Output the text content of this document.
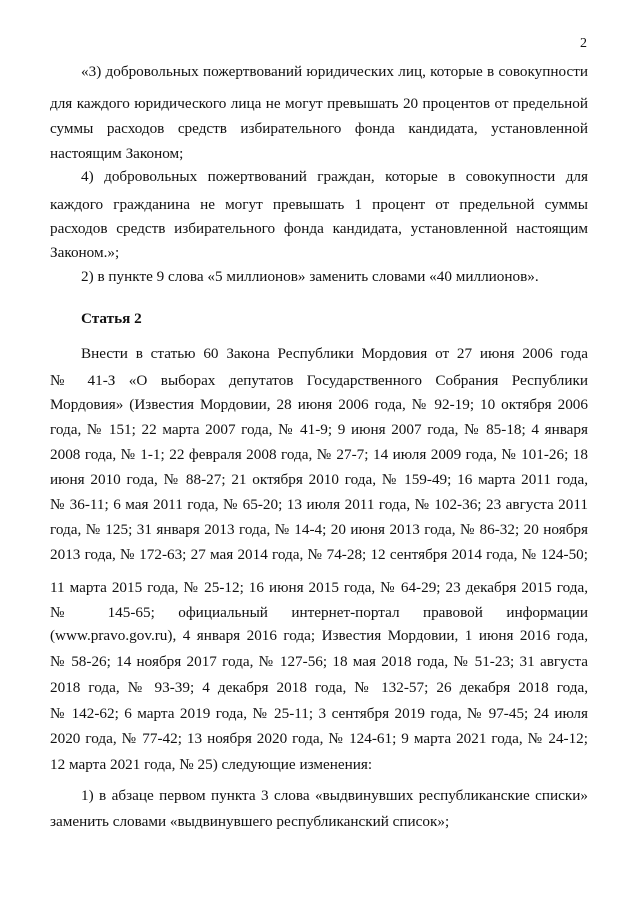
2
«3) добровольных пожертвований юридических лиц, которые в совокупности
для каждого юридического лица не могут превышать 20 процентов от предельной
суммы расходов средств избирательного фонда кандидата, установленной
настоящим Законом;
4) добровольных пожертвований граждан, которые в совокупности для
каждого гражданина не могут превышать 1 процент от предельной суммы
расходов средств избирательного фонда кандидата, установленной настоящим
Законом.»;
2) в пункте 9 слова «5 миллионов» заменить словами «40 миллионов».
Статья 2
Внести в статью 60 Закона Республики Мордовия от 27 июня 2006 года
№ 41-З «О выборах депутатов Государственного Собрания Республики
Мордовия» (Известия Мордовии, 28 июня 2006 года, № 92-19; 10 октября 2006
года, № 151; 22 марта 2007 года, № 41-9; 9 июня 2007 года, № 85-18; 4 января
2008 года, № 1-1; 22 февраля 2008 года, № 27-7; 14 июля 2009 года, № 101-26; 18
июня 2010 года, № 88-27; 21 октября 2010 года, № 159-49; 16 марта 2011 года,
№ 36-11; 6 мая 2011 года, № 65-20; 13 июля 2011 года, № 102-36; 23 августа 2011
года, № 125; 31 января 2013 года, № 14-4; 20 июня 2013 года, № 86-32; 20 ноября
2013 года, № 172-63; 27 мая 2014 года, № 74-28; 12 сентября 2014 года, № 124-50;
11 марта 2015 года, № 25-12; 16 июня 2015 года, № 64-29; 23 декабря 2015 года,
№ 145-65; официальный интернет-портал правовой информации
(www.pravo.gov.ru), 4 января 2016 года; Известия Мордовии, 1 июня 2016 года,
№ 58-26; 14 ноября 2017 года, № 127-56; 18 мая 2018 года, № 51-23; 31 августа
2018 года, № 93-39; 4 декабря 2018 года, № 132-57; 26 декабря 2018 года,
№ 142-62; 6 марта 2019 года, № 25-11; 3 сентября 2019 года, № 97-45; 24 июля
2020 года, № 77-42; 13 ноября 2020 года, № 124-61; 9 марта 2021 года, № 24-12;
12 марта 2021 года, № 25) следующие изменения:
1) в абзаце первом пункта 3 слова «выдвинувших республиканские списки»
заменить словами «выдвинувшего республиканский список»;
